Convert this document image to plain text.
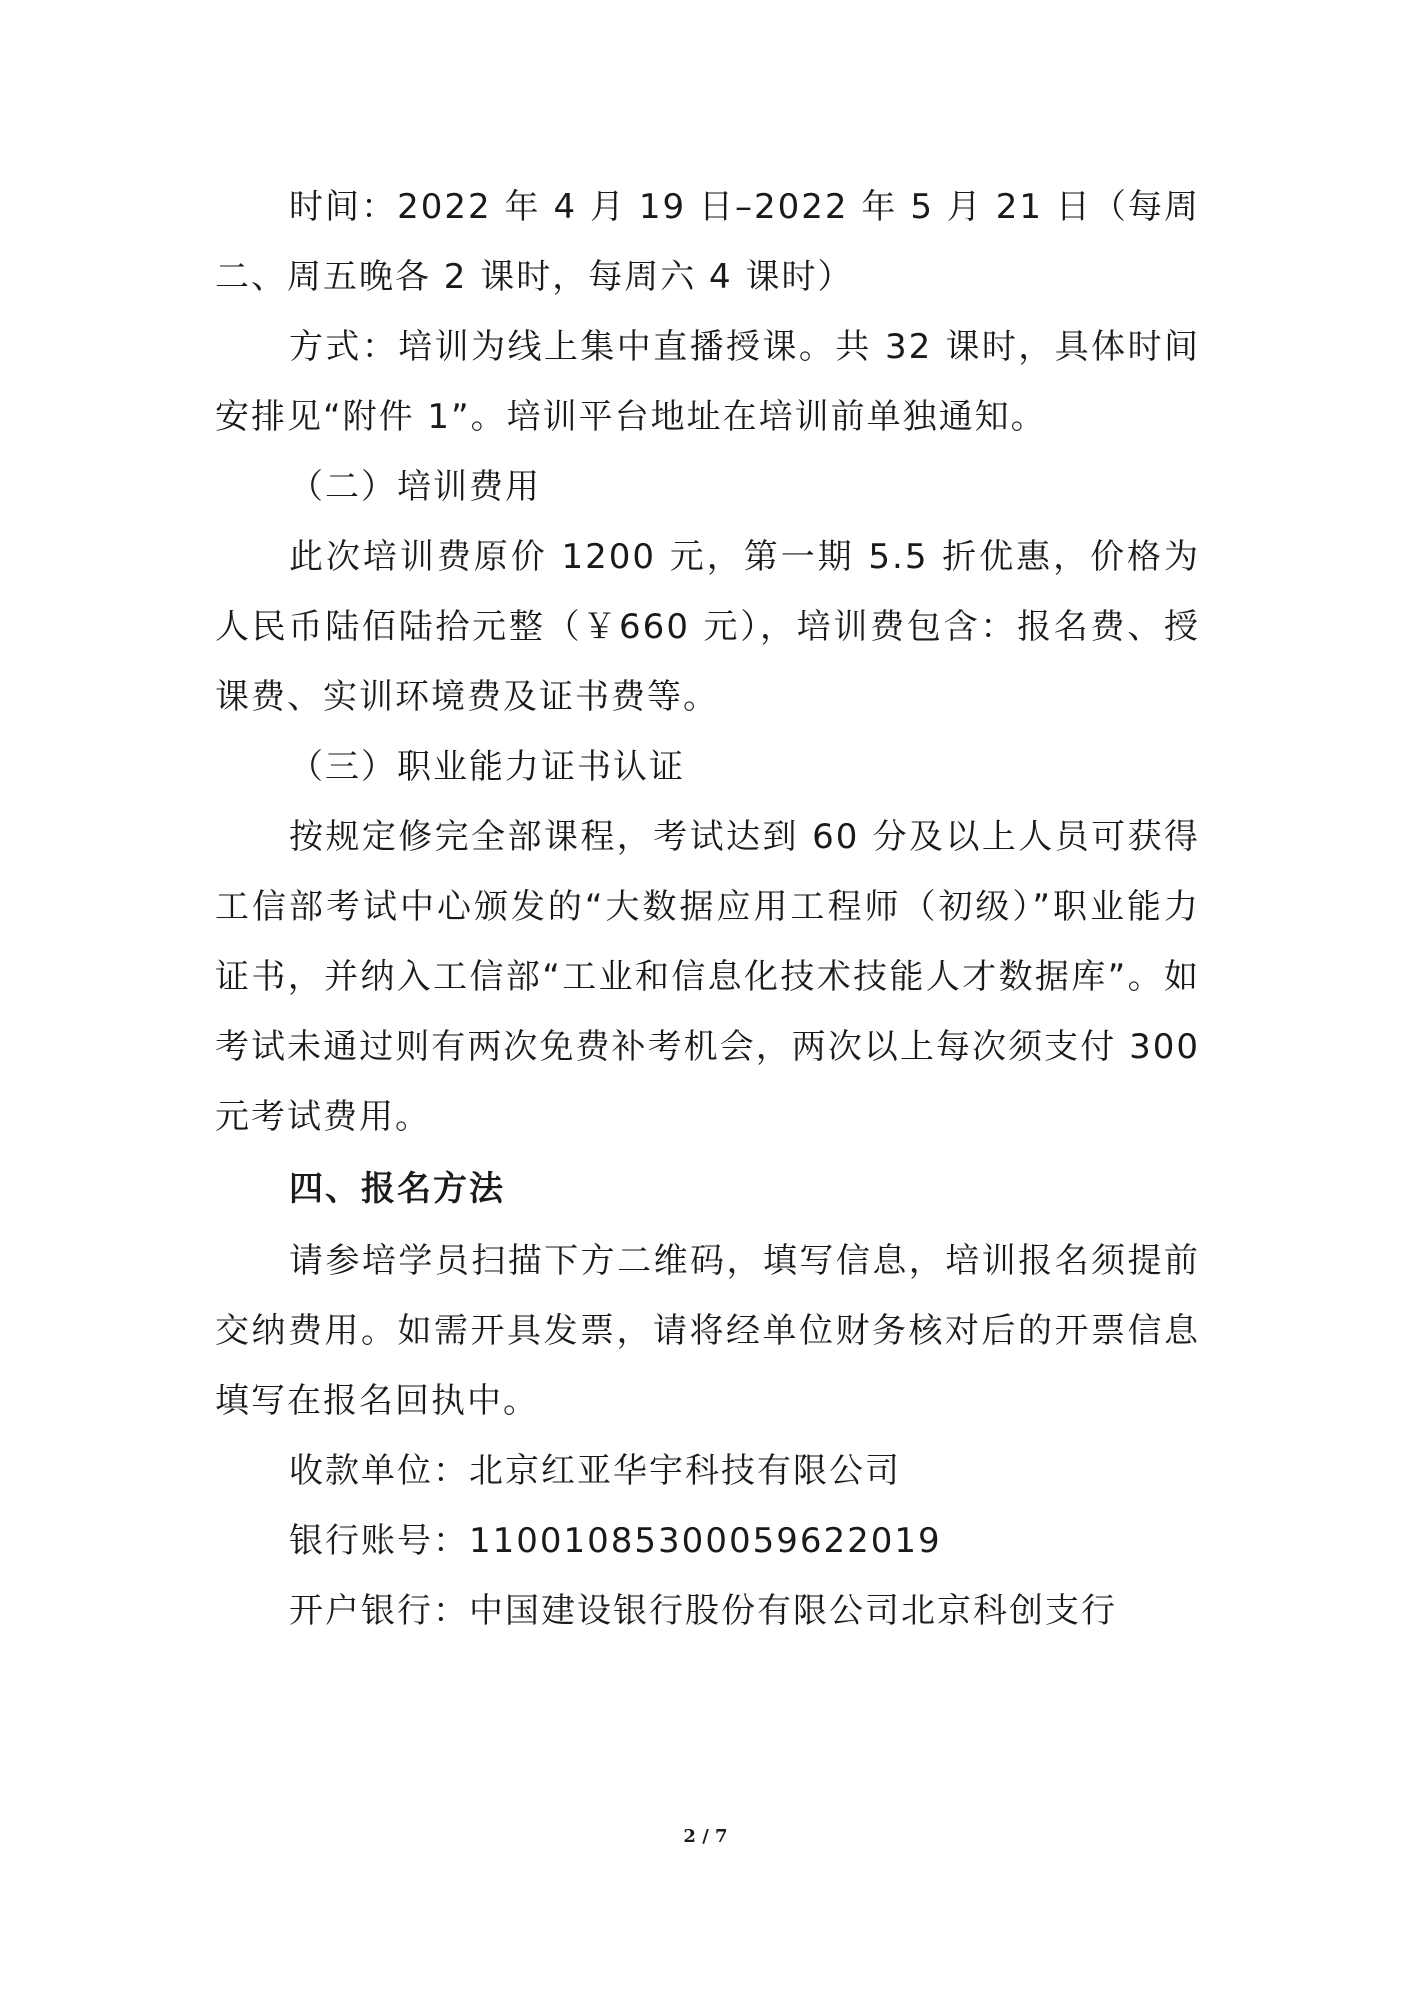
时间：2022 年 4 月 19 日–2022 年 5 月 21 日（每周二、周五晚各 2 课时，每周六 4 课时）

方式：培训为线上集中直播授课。共 32 课时，具体时间安排见“附件 1”。培训平台地址在培训前单独通知。

（二）培训费用

此次培训费原价 1200 元，第一期 5.5 折优惠，价格为人民币陆佰陆拾元整（￥660 元），培训费包含：报名费、授课费、实训环境费及证书费等。

（三）职业能力证书认证

按规定修完全部课程，考试达到 60 分及以上人员可获得工信部考试中心颁发的“大数据应用工程师（初级）”职业能力证书，并纳入工信部“工业和信息化技术技能人才数据库”。如考试未通过则有两次免费补考机会，两次以上每次须支付 300 元考试费用。

四、报名方法

请参培学员扫描下方二维码，填写信息，培训报名须提前交纳费用。如需开具发票，请将经单位财务核对后的开票信息填写在报名回执中。

收款单位：北京红亚华宇科技有限公司

银行账号：11001085300059622019

开户银行：中国建设银行股份有限公司北京科创支行

2 / 7
